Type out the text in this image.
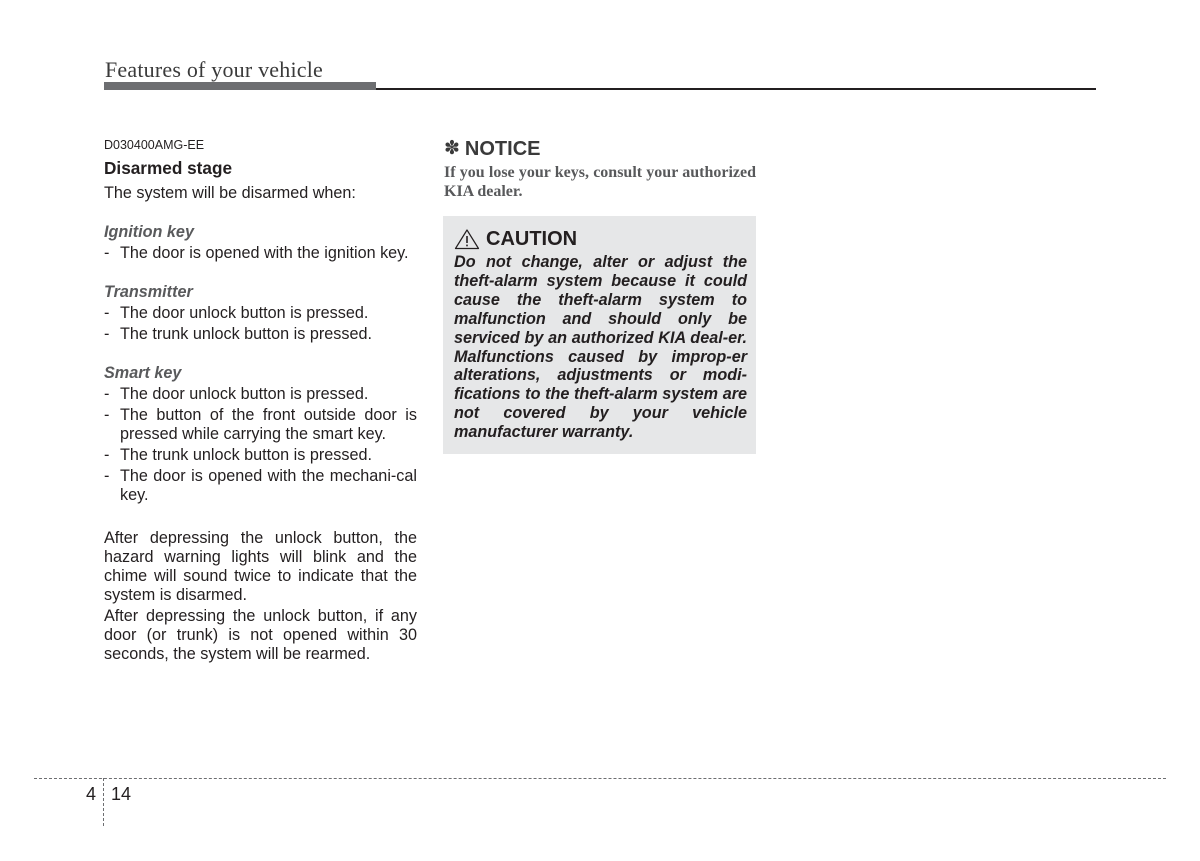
Features of your vehicle

D030400AMG-EE

Disarmed stage

The system will be disarmed when:

Ignition key

- The door is opened with the ignition key.

Transmitter

- The door unlock button is pressed.
- The trunk unlock button is pressed.

Smart key

- The door unlock button is pressed.
- The button of the front outside door is pressed while carrying the smart key.
- The trunk unlock button is pressed.
- The door is opened with the mechani-cal key.

After depressing the unlock button, the hazard warning lights will blink and the chime will sound twice to indicate that the system is disarmed.

After depressing the unlock button, if any door (or trunk) is not opened within 30 seconds, the system will be rearmed.

✽ NOTICE
If you lose your keys, consult your authorized KIA dealer.
CAUTION
Do not change, alter or adjust the theft-alarm system because it could cause the theft-alarm system to malfunction and should only be serviced by an authorized KIA deal-er. Malfunctions caused by improp-er alterations, adjustments or modi-fications to the theft-alarm system are not covered by your vehicle manufacturer warranty.
4 14
